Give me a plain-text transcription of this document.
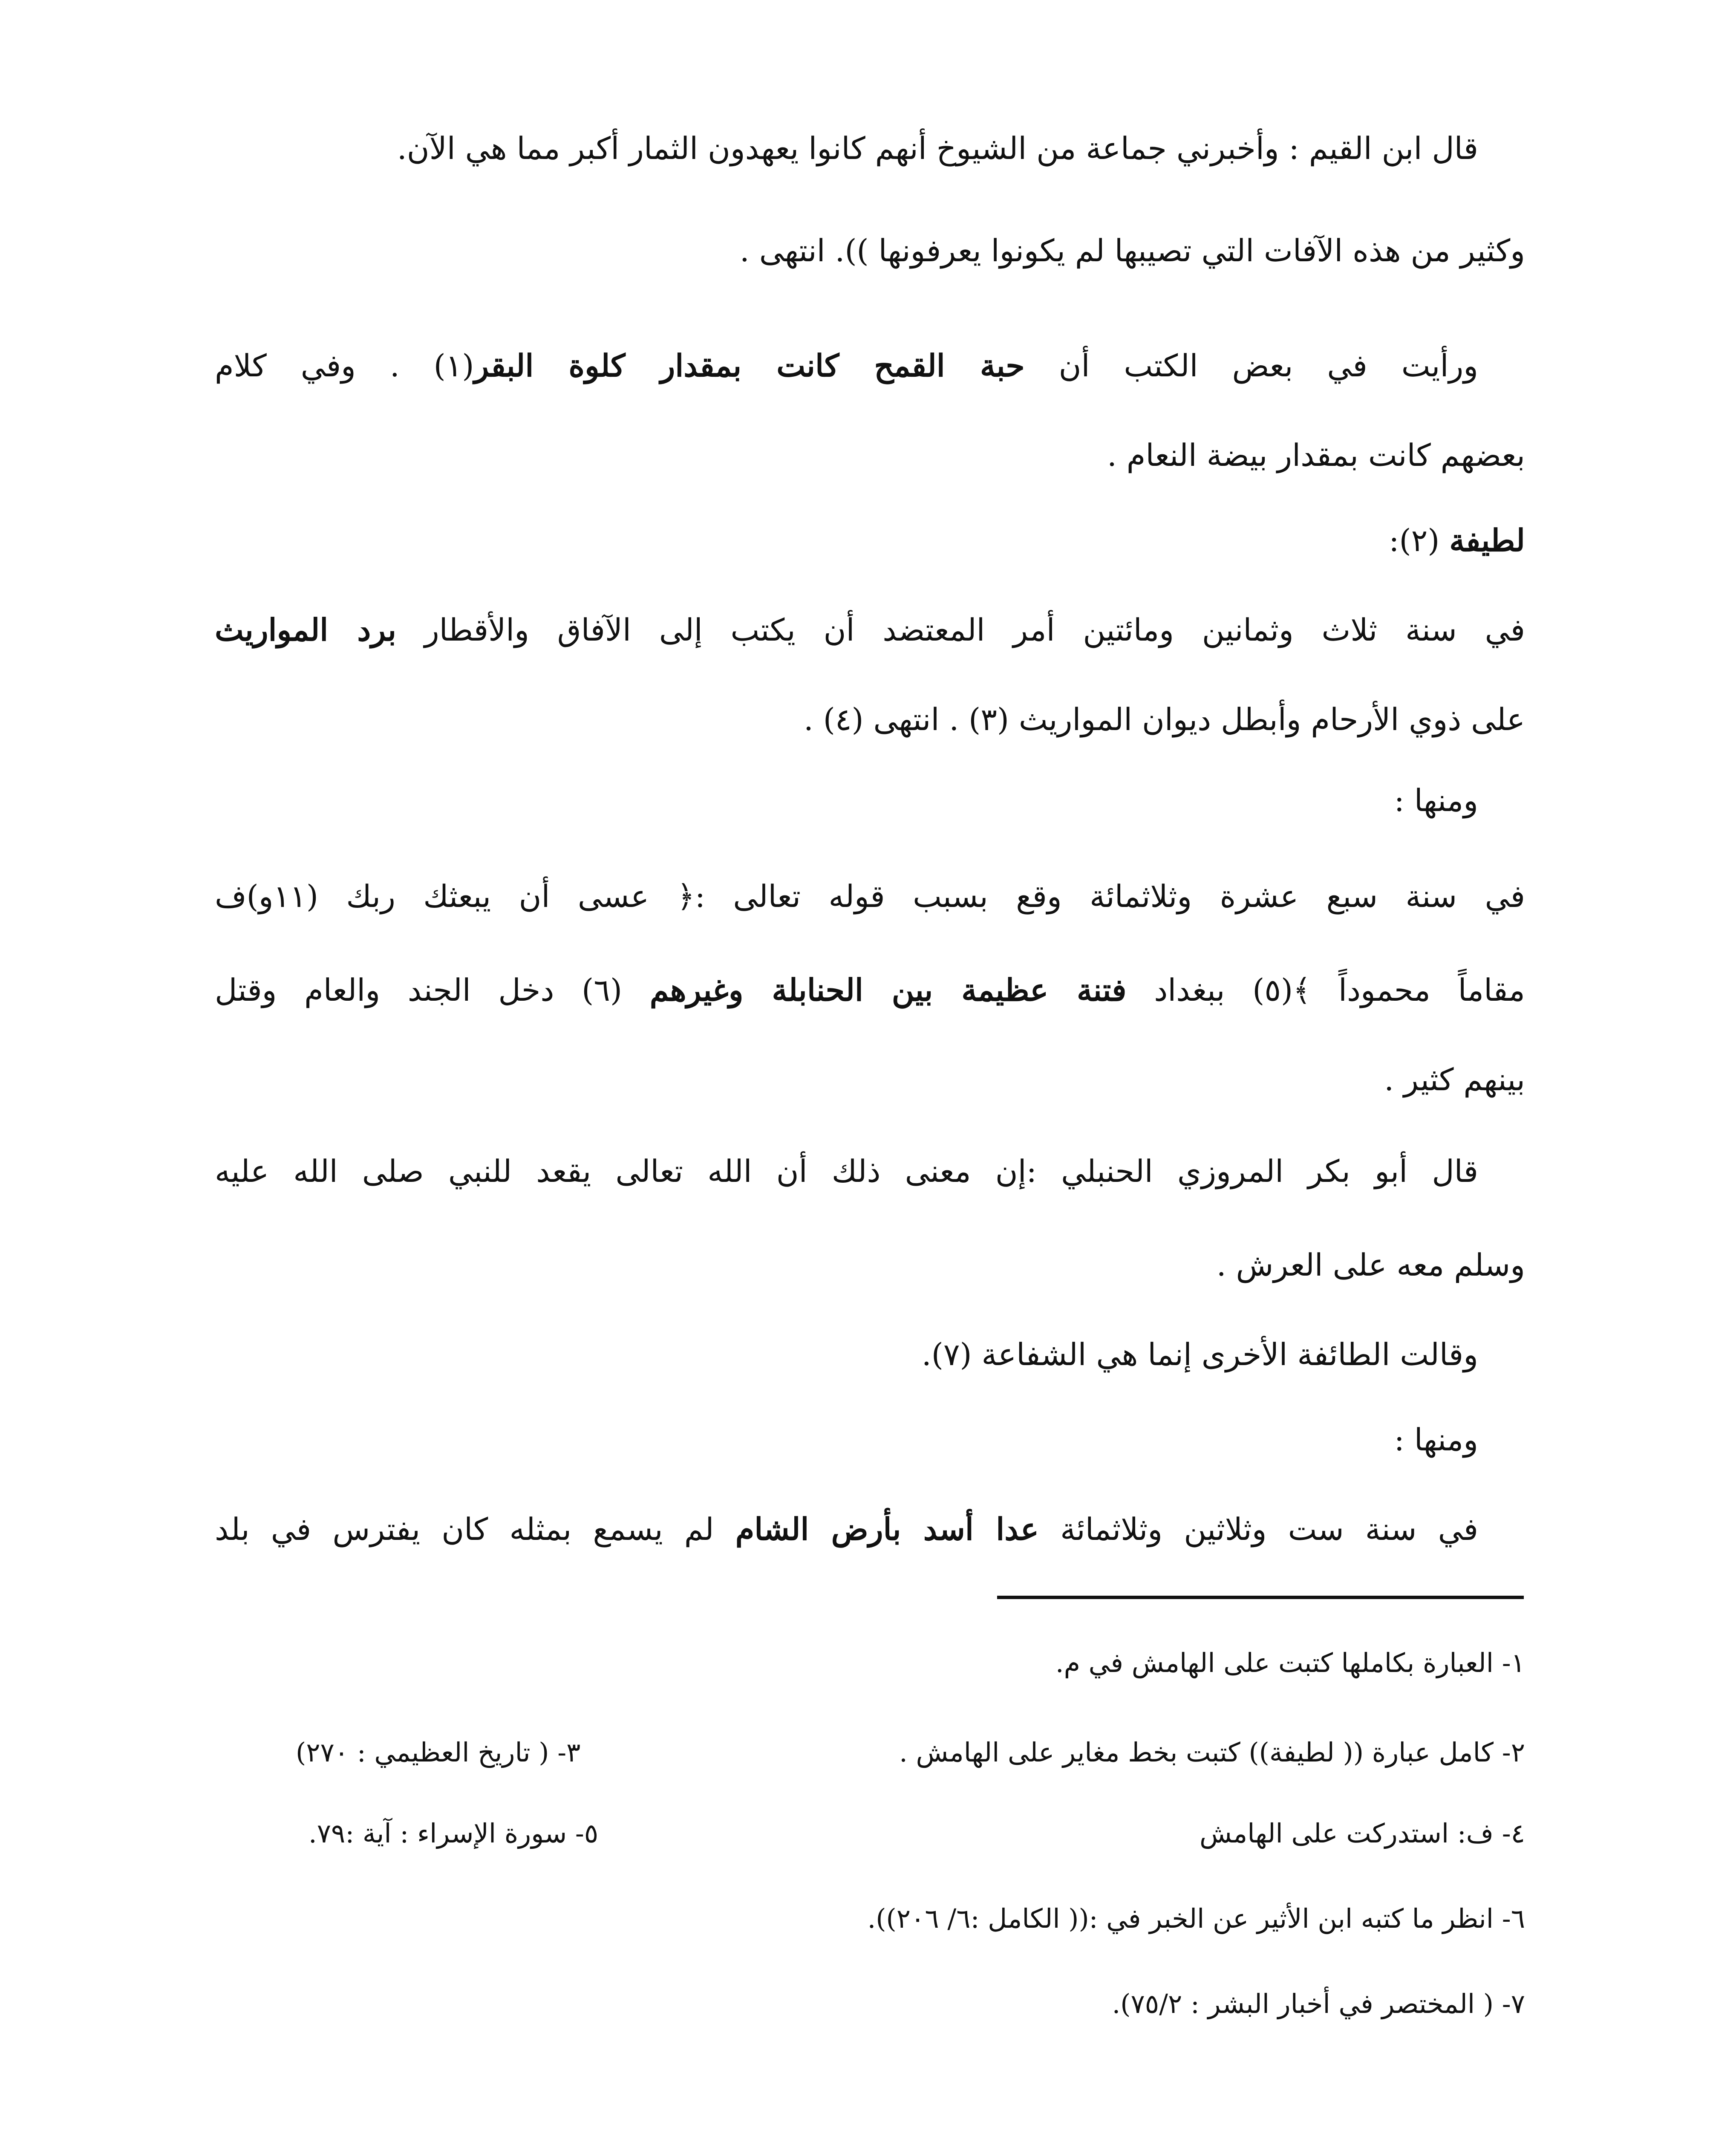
قال ابن القيم : وأخبرني جماعة من الشيوخ أنهم كانوا يعهدون الثمار أكبر مما هي الآن.
وكثير من هذه الآفات التي تصيبها لم يكونوا يعرفونها )). انتهى .
ورأيت في بعض الكتب أن حبة القمح كانت بمقدار كلوة البقر(١) . وفي كلام
بعضهم كانت بمقدار بيضة النعام .
لطيفة (٢):
في سنة ثلاث وثمانين ومائتين أمر المعتضد أن يكتب إلى الآفاق والأقطار برد المواريث
على ذوي الأرحام وأبطل ديوان المواريث (٣) . انتهى (٤) .
ومنها :
في سنة سبع عشرة وثلاثمائة وقع بسبب قوله تعالى :﴿ عسى أن يبعثك ربك (١١و)ف
مقاماً محموداً ﴾(٥) ببغداد فتنة عظيمة بين الحنابلة وغيرهم (٦) دخل الجند والعام وقتل
بينهم كثير .
قال أبو بكر المروزي الحنبلي :إن معنى ذلك أن الله تعالى يقعد للنبي صلى الله عليه
وسلم معه على العرش .
وقالت الطائفة الأخرى إنما هي الشفاعة (٧).
ومنها :
في سنة ست وثلاثين وثلاثمائة عدا أسد بأرض الشام لم يسمع بمثله كان يفترس في بلد
١- العبارة بكاملها كتبت على الهامش في م.
٢- كامل عبارة (( لطيفة)) كتبت بخط مغاير على الهامش .
٣- ( تاريخ العظيمي : ٢٧٠)
٤- ف: استدركت على الهامش
٥- سورة الإسراء : آية :٧٩.
٦- انظر ما كتبه ابن الأثير عن الخبر في :(( الكامل :٦/ ٢٠٦)).
٧- ( المختصر في أخبار البشر : ٧٥/٢).
